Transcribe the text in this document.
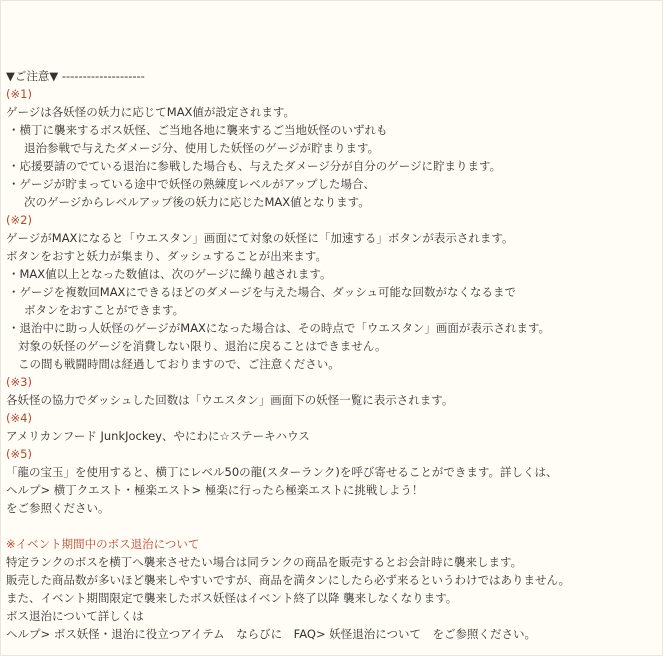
▼ご注意▼ --------------------
(※1)
ゲージは各妖怪の妖力に応じてMAX値が設定されます。
・横丁に襲来するボス妖怪、ご当地各地に襲来するご当地妖怪のいずれも
退治参戦で与えたダメージ分、使用した妖怪のゲージが貯まります。
・応援要請のでている退治に参戦した場合も、与えたダメージ分が自分のゲージに貯まります。
・ゲージが貯まっている途中で妖怪の熟練度レベルがアップした場合、
次のゲージからレベルアップ後の妖力に応じたMAX値となります。
(※2)
ゲージがMAXになると「ウエスタン」画面にて対象の妖怪に「加速する」ボタンが表示されます。
ボタンをおすと妖力が集まり、ダッシュすることが出来ます。
・MAX値以上となった数値は、次のゲージに繰り越されます。
・ゲージを複数回MAXにできるほどのダメージを与えた場合、ダッシュ可能な回数がなくなるまで
ボタンをおすことができます。
・退治中に助っ人妖怪のゲージがMAXになった場合は、その時点で「ウエスタン」画面が表示されます。
対象の妖怪のゲージを消費しない限り、退治に戻ることはできません。
この間も戦闘時間は経過しておりますので、ご注意ください。
(※3)
各妖怪の協力でダッシュした回数は「ウエスタン」画面下の妖怪一覧に表示されます。
(※4)
アメリカンフード JunkJockey、やにわに☆ステーキハウス
(※5)
「龍の宝玉」を使用すると、横丁にレベル50の龍(スターランク)を呼び寄せることができます。詳しくは、
ヘルプ> 横丁クエスト・極楽エスト> 極楽に行ったら極楽エストに挑戦しよう！
をご参照ください。
※イベント期間中のボス退治について
特定ランクのボスを横丁へ襲来させたい場合は同ランクの商品を販売するとお会計時に襲来します。
販売した商品数が多いほど襲来しやすいですが、商品を満タンにしたら必ず来るというわけではありません。
また、イベント期間限定で襲来したボス妖怪はイベント終了以降 襲来しなくなります。
ボス退治について詳しくは
ヘルプ> ボス妖怪・退治に役立つアイテム　ならびに　FAQ> 妖怪退治について　をご参照ください。
